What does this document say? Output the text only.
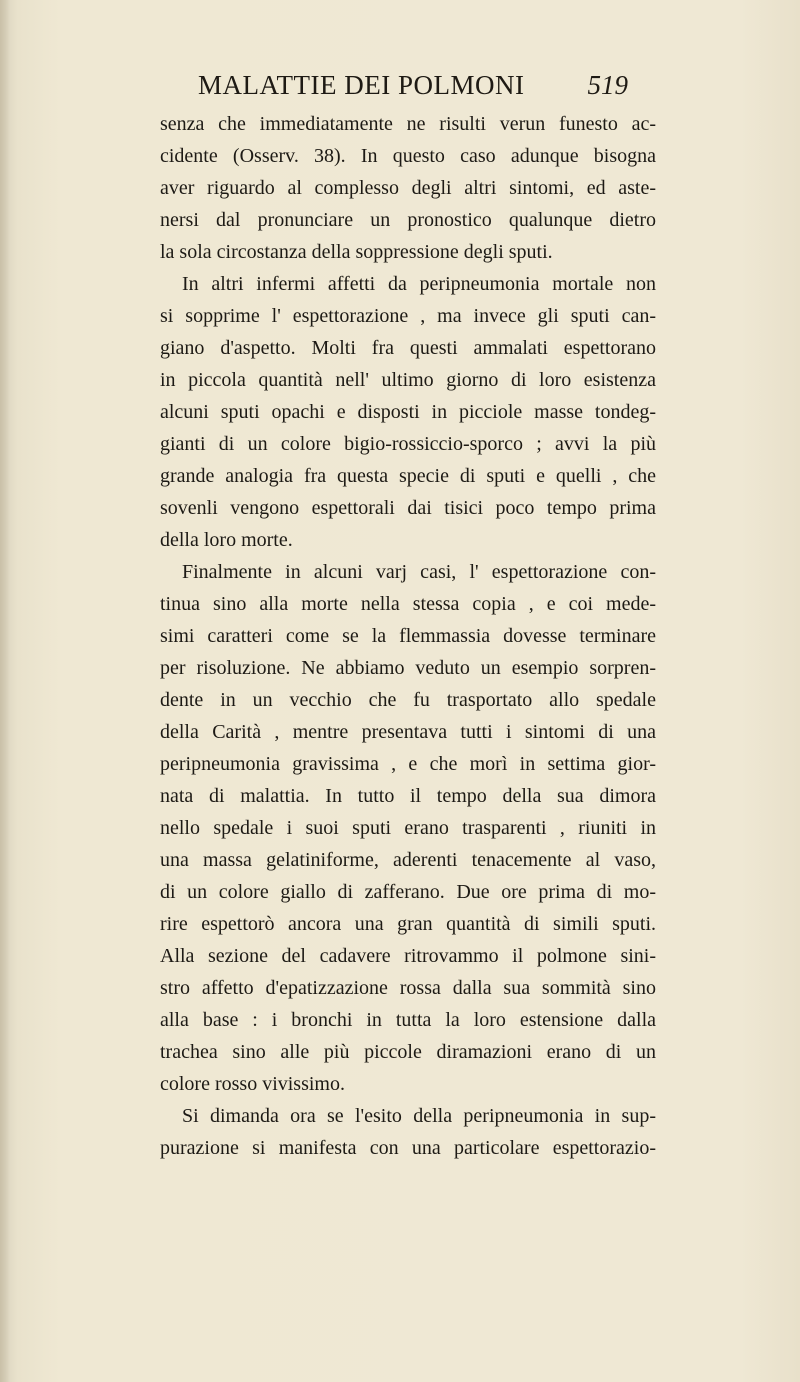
MALATTIE DEI POLMONI 519
senza che immediatamente ne risulti verun funesto ac-
cidente (Osserv. 38). In questo caso adunque bisogna
aver riguardo al complesso degli altri sintomi, ed aste-
nersi dal pronunciare un pronostico qualunque dietro
la sola circostanza della soppressione degli sputi.
In altri infermi affetti da peripneumonia mortale non
si sopprime l' espettorazione , ma invece gli sputi can-
giano d'aspetto. Molti fra questi ammalati espettorano
in piccola quantità nell' ultimo giorno di loro esistenza
alcuni sputi opachi e disposti in picciole masse tondeg-
gianti di un colore bigio-rossiccio-sporco ; avvi la più
grande analogia fra questa specie di sputi e quelli , che
sovenli vengono espettorali dai tisici poco tempo prima
della loro morte.
Finalmente in alcuni varj casi, l' espettorazione con-
tinua sino alla morte nella stessa copia , e coi mede-
simi caratteri come se la flemmassia dovesse terminare
per risoluzione. Ne abbiamo veduto un esempio sorpren-
dente in un vecchio che fu trasportato allo spedale
della Carità , mentre presentava tutti i sintomi di una
peripneumonia gravissima , e che morì in settima gior-
nata di malattia. In tutto il tempo della sua dimora
nello spedale i suoi sputi erano trasparenti , riuniti in
una massa gelatiniforme, aderenti tenacemente al vaso,
di un colore giallo di zafferano. Due ore prima di mo-
rire espettorò ancora una gran quantità di simili sputi.
Alla sezione del cadavere ritrovammo il polmone sini-
stro affetto d'epatizzazione rossa dalla sua sommità sino
alla base : i bronchi in tutta la loro estensione dalla
trachea sino alle più piccole diramazioni erano di un
colore rosso vivissimo.
Si dimanda ora se l'esito della peripneumonia in sup-
purazione si manifesta con una particolare espettorazio-
